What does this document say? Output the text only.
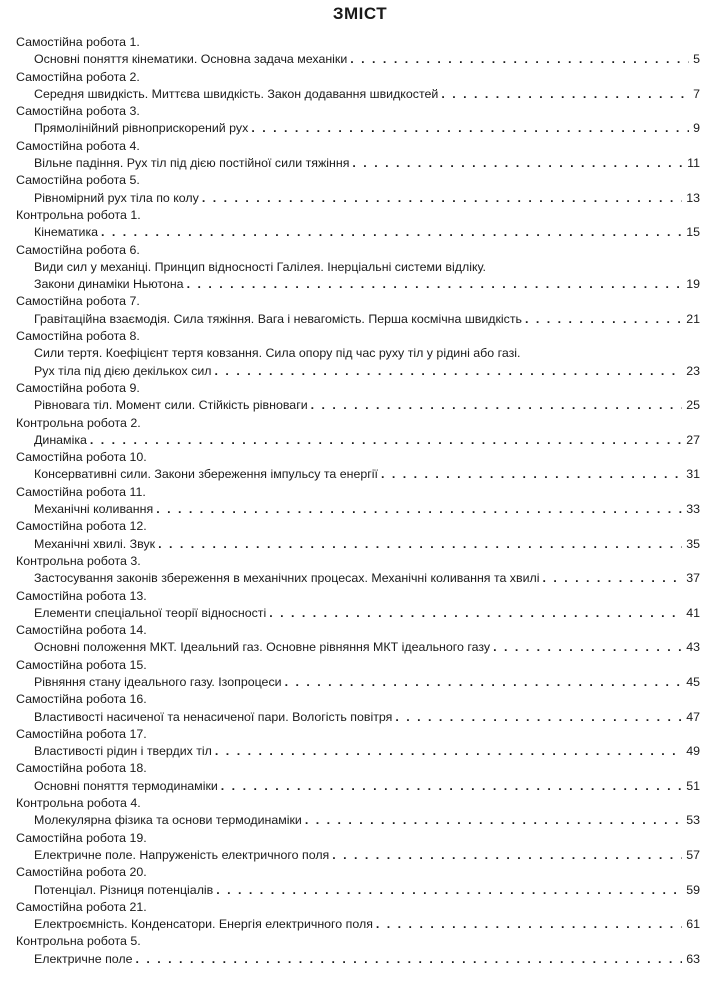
ЗМІСТ
Самостійна робота 1.
Основні поняття кінематики. Основна задача механіки . . .	5
Самостійна робота 2.
Середня швидкість. Миттєва швидкість. Закон додавання швидкостей . . .	7
Самостійна робота 3.
Прямолінійний рівноприскорений рух . . .	9
Самостійна робота 4.
Вільне падіння. Рух тіл під дією постійної сили тяжіння . . .	11
Самостійна робота 5.
Рівномірний рух тіла по колу . . .	13
Контрольна робота 1.
Кінематика . . .	15
Самостійна робота 6.
Види сил у механіці. Принцип відносності Галілея. Інерціальні системи відліку.
Закони динаміки Ньютона . . .	19
Самостійна робота 7.
Гравітаційна взаємодія. Сила тяжіння. Вага і невагомість. Перша космічна швидкість . . .	21
Самостійна робота 8.
Сили тертя. Коефіцієнт тертя ковзання. Сила опору під час руху тіл у рідині або газі.
Рух тіла під дією декількох сил . . .	23
Самостійна робота 9.
Рівновага тіл. Момент сили. Стійкість рівноваги . . .	25
Контрольна робота 2.
Динаміка . . .	27
Самостійна робота 10.
Консервативні сили. Закони збереження імпульсу та енергії . . .	31
Самостійна робота 11.
Механічні коливання . . .	33
Самостійна робота 12.
Механічні хвилі. Звук . . .	35
Контрольна робота 3.
Застосування законів збереження в механічних процесах. Механічні коливання та хвилі . . .	37
Самостійна робота 13.
Елементи спеціальної теорії відносності . . .	41
Самостійна робота 14.
Основні положення МКТ. Ідеальний газ. Основне рівняння МКТ ідеального газу . . .	43
Самостійна робота 15.
Рівняння стану ідеального газу. Ізопроцеси . . .	45
Самостійна робота 16.
Властивості насиченої та ненасиченої пари. Вологість повітря . . .	47
Самостійна робота 17.
Властивості рідин і твердих тіл . . .	49
Самостійна робота 18.
Основні поняття термодинаміки . . .	51
Контрольна робота 4.
Молекулярна фізика та основи термодинаміки . . .	53
Самостійна робота 19.
Електричне поле. Напруженість електричного поля . . .	57
Самостійна робота 20.
Потенціал. Різниця потенціалів . . .	59
Самостійна робота 21.
Електроємність. Конденсатори. Енергія електричного поля . . .	61
Контрольна робота 5.
Електричне поле . . .	63
